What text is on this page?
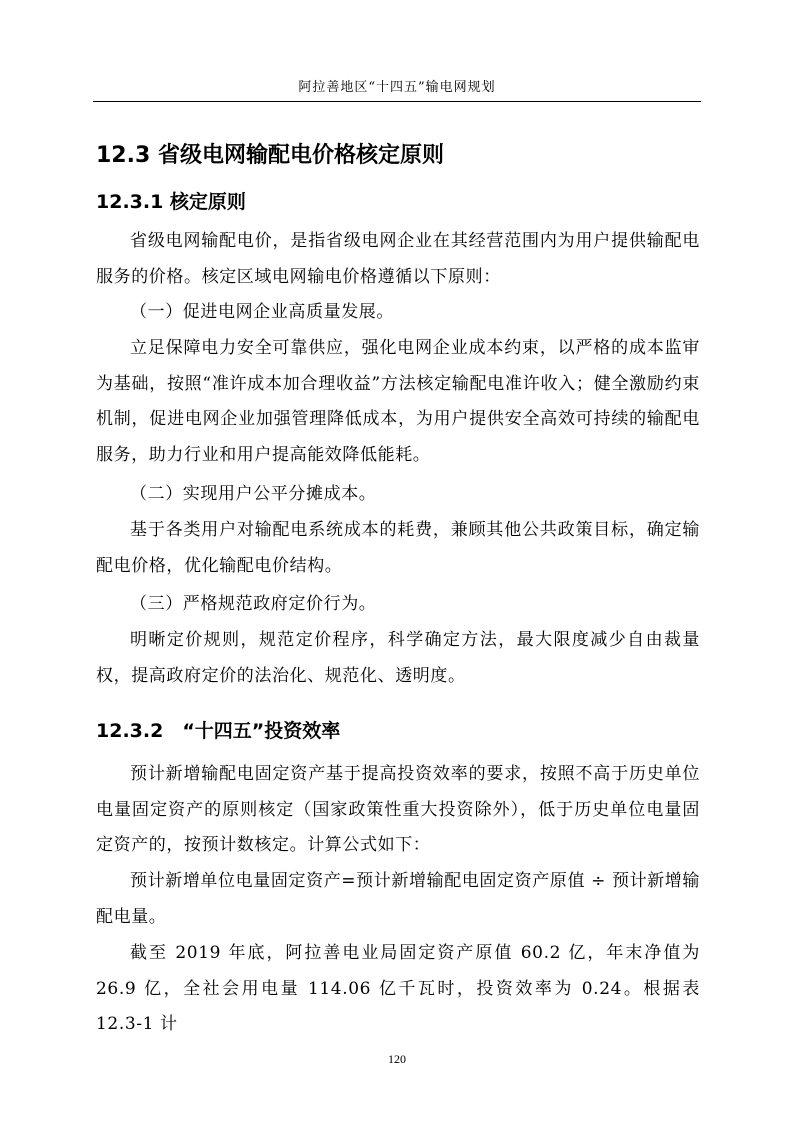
阿拉善地区“十四五”输电网规划
12.3 省级电网输配电价格核定原则
12.3.1 核定原则

省级电网输配电价，是指省级电网企业在其经营范围内为用户提供输配电服务的价格。核定区域电网输电价格遵循以下原则：

（一）促进电网企业高质量发展。

立足保障电力安全可靠供应，强化电网企业成本约束，以严格的成本监审为基础，按照“准许成本加合理收益”方法核定输配电准许收入；健全激励约束机制，促进电网企业加强管理降低成本，为用户提供安全高效可持续的输配电服务，助力行业和用户提高能效降低能耗。

（二）实现用户公平分摊成本。

基于各类用户对输配电系统成本的耗费，兼顾其他公共政策目标，确定输配电价格，优化输配电价结构。

（三）严格规范政府定价行为。

明晰定价规则，规范定价程序，科学确定方法，最大限度减少自由裁量权，提高政府定价的法治化、规范化、透明度。

12.3.2　“十四五”投资效率

预计新增输配电固定资产基于提高投资效率的要求，按照不高于历史单位电量固定资产的原则核定（国家政策性重大投资除外），低于历史单位电量固定资产的，按预计数核定。计算公式如下：

预计新增单位电量固定资产=预计新增输配电固定资产原值 ÷ 预计新增输配电量。

截至 2019 年底，阿拉善电业局固定资产原值 60.2 亿，年末净值为 26.9 亿，全社会用电量 114.06 亿千瓦时，投资效率为 0.24。根据表 12.3-1 计

120
